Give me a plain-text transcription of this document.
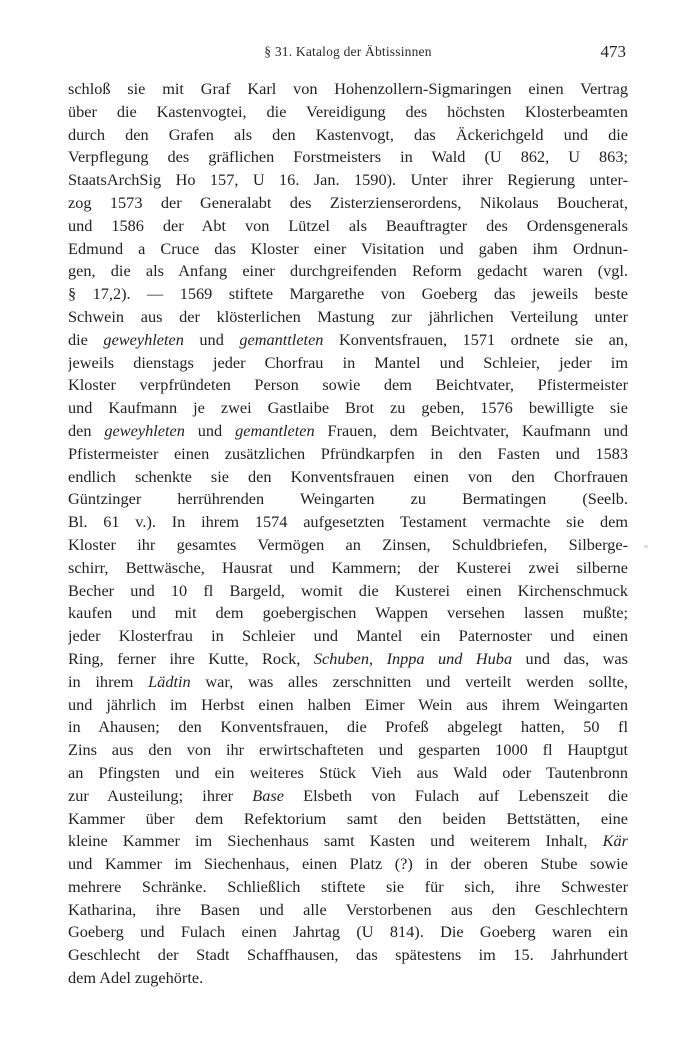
§ 31. Katalog der Äbtissinnen	473
schloß sie mit Graf Karl von Hohenzollern-Sigmaringen einen Vertrag
über die Kastenvogtei, die Vereidigung des höchsten Klosterbeamten
durch den Grafen als den Kastenvogt, das Äckerichgeld und die
Verpflegung des gräflichen Forstmeisters in Wald (U 862, U 863;
StaatsArchSig Ho 157, U 16. Jan. 1590). Unter ihrer Regierung unter-
zog 1573 der Generalabt des Zisterzienserordens, Nikolaus Boucherat,
und 1586 der Abt von Lützel als Beauftragter des Ordensgenerals
Edmund a Cruce das Kloster einer Visitation und gaben ihm Ordnun-
gen, die als Anfang einer durchgreifenden Reform gedacht waren (vgl.
§ 17,2). — 1569 stiftete Margarethe von Goeberg das jeweils beste
Schwein aus der klösterlichen Mastung zur jährlichen Verteilung unter
die geweyhleten und gemanttleten Konventsfrauen, 1571 ordnete sie an,
jeweils dienstags jeder Chorfrau in Mantel und Schleier, jeder im
Kloster verpfründeten Person sowie dem Beichtvater, Pfistermeister
und Kaufmann je zwei Gastlaibe Brot zu geben, 1576 bewilligte sie
den geweyhleten und gemantleten Frauen, dem Beichtvater, Kaufmann und
Pfistermeister einen zusätzlichen Pfründkarpfen in den Fasten und 1583
endlich schenkte sie den Konventsfrauen einen von den Chorfrauen
Güntzinger herrührenden Weingarten zu Bermatingen (Seelb.
Bl. 61 v.). In ihrem 1574 aufgesetzten Testament vermachte sie dem
Kloster ihr gesamtes Vermögen an Zinsen, Schuldbriefen, Silberge-
schirr, Bettwäsche, Hausrat und Kammern; der Kusterei zwei silberne
Becher und 10 fl Bargeld, womit die Kusterei einen Kirchenschmuck
kaufen und mit dem goebergischen Wappen versehen lassen mußte;
jeder Klosterfrau in Schleier und Mantel ein Paternoster und einen
Ring, ferner ihre Kutte, Rock, Schuben, Inppa und Huba und das, was
in ihrem Lädtin war, was alles zerschnitten und verteilt werden sollte,
und jährlich im Herbst einen halben Eimer Wein aus ihrem Weingarten
in Ahausen; den Konventsfrauen, die Profeß abgelegt hatten, 50 fl
Zins aus den von ihr erwirtschafteten und gesparten 1000 fl Hauptgut
an Pfingsten und ein weiteres Stück Vieh aus Wald oder Tautenbronn
zur Austeilung; ihrer Base Elsbeth von Fulach auf Lebenszeit die
Kammer über dem Refektorium samt den beiden Bettstätten, eine
kleine Kammer im Siechenhaus samt Kasten und weiterem Inhalt, Kär
und Kammer im Siechenhaus, einen Platz (?) in der oberen Stube sowie
mehrere Schränke. Schließlich stiftete sie für sich, ihre Schwester
Katharina, ihre Basen und alle Verstorbenen aus den Geschlechtern
Goeberg und Fulach einen Jahrtag (U 814). Die Goeberg waren ein
Geschlecht der Stadt Schaffhausen, das spätestens im 15. Jahrhundert
dem Adel zugehörte.
